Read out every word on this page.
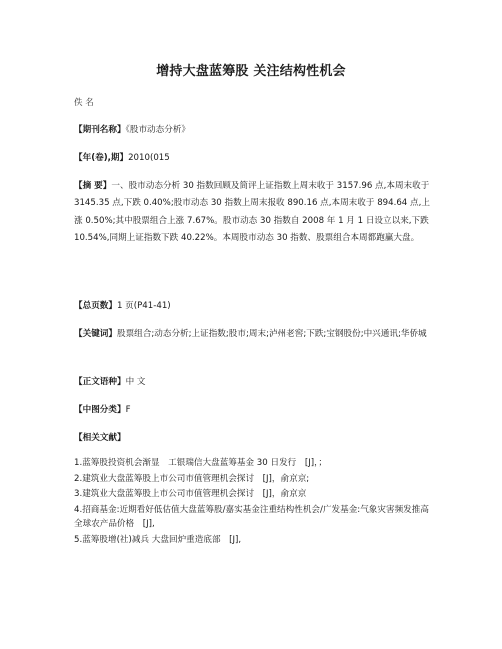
增持大盘蓝筹股 关注结构性机会
佚 名
【期刊名称】《股市动态分析》
【年(卷),期】2010(015
【摘 要】一、股市动态分析 30 指数回顾及简评上证指数上周末收于 3157.96 点,本周末收于 3145.35 点,下跌 0.40%;股市动态 30 指数上周末报收 890.16 点,本周末收于 894.64 点,上涨 0.50%;其中股票组合上涨 7.67%。股市动态 30 指数自 2008 年 1 月 1 日设立以来,下跌 10.54%,同期上证指数下跌 40.22%。本周股市动态 30 指数、股票组合本周都跑赢大盘。
【总页数】1 页(P41-41)
【关键词】股票组合;动态分析;上证指数;股市;周末;泸州老窖;下跌;宝钢股份;中兴通讯;华侨城
【正文语种】中 文
【中图分类】F
【相关文献】
1.蓝筹股投资机会渐显　工银瑞信大盘蓝筹基金 30 日发行　[J]，；
2.建筑业大盘蓝筹股上市公司市值管理机会探讨　[J]，俞京京;
3.建筑业大盘蓝筹股上市公司市值管理机会探讨　[J]，俞京京
4.招商基金:近期看好低估值大盘蓝筹股/嘉实基金注重结构性机会/广发基金:气象灾害频发推高全球农产品价格　[J],
5.蓝筹股增(社)减兵 大盘回炉重造底部　[J],
